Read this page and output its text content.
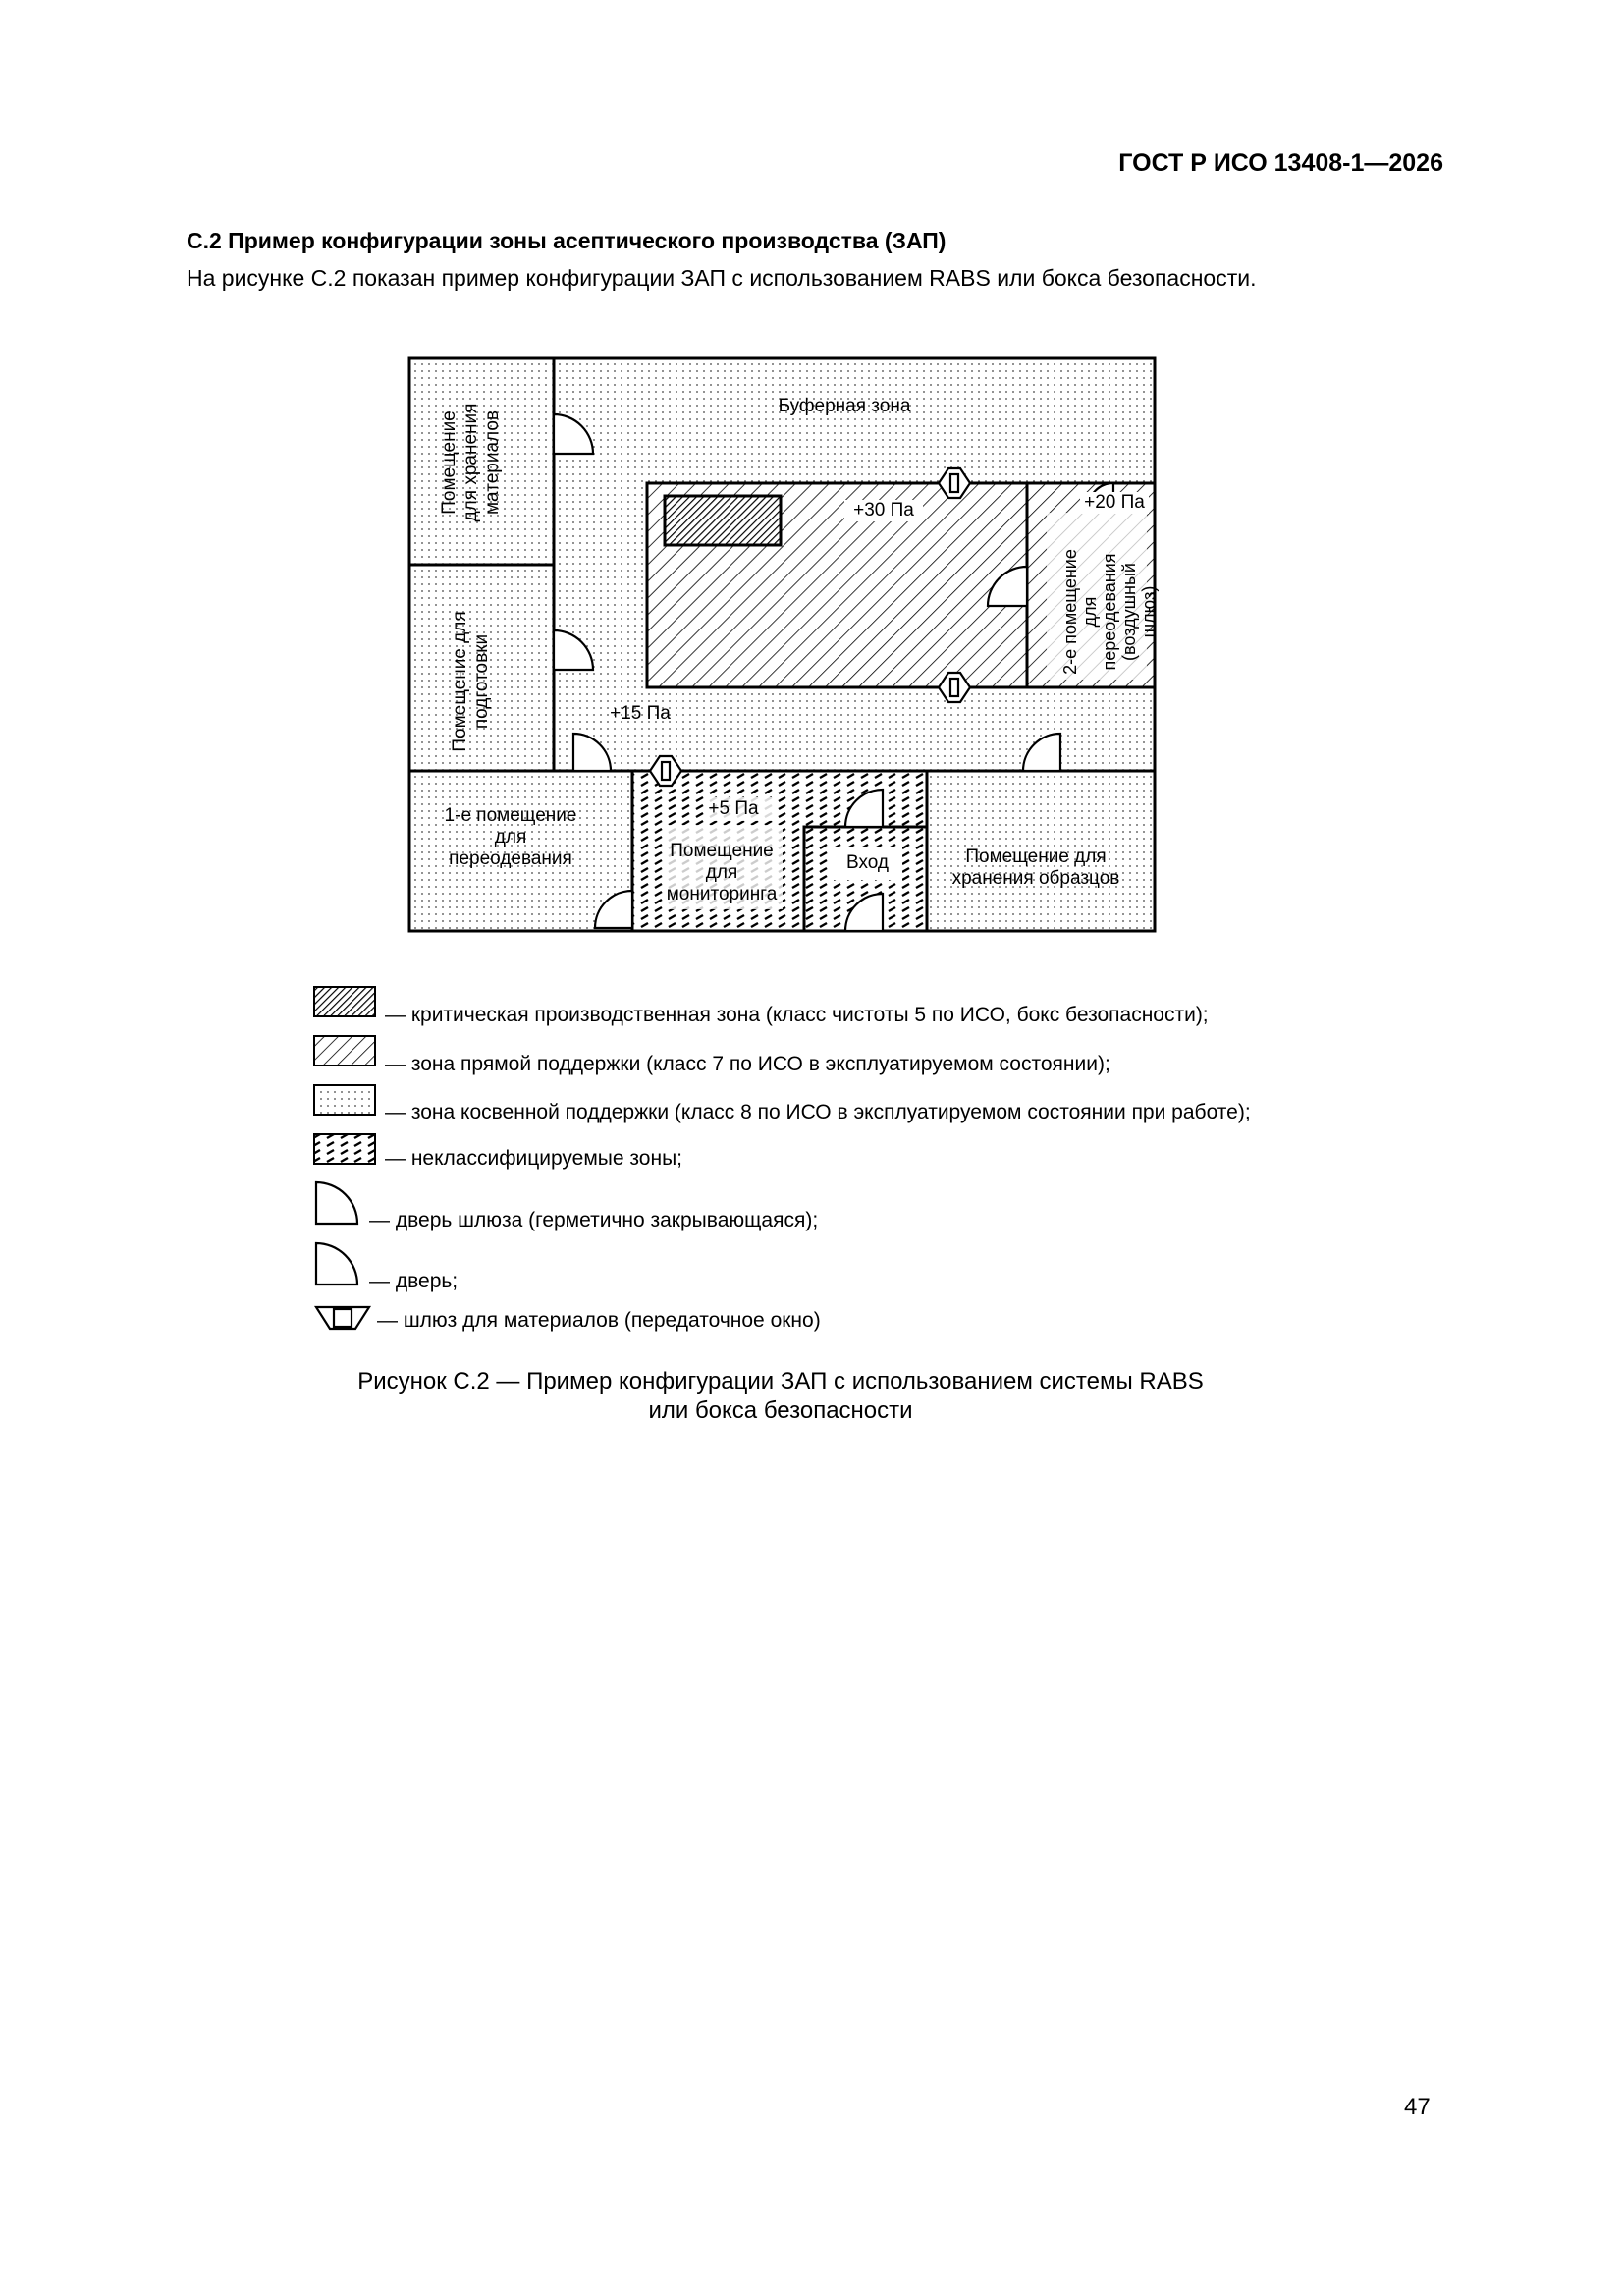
ГОСТ Р ИСО 13408-1—2026
С.2 Пример конфигурации зоны асептического производства (ЗАП)
На рисунке С.2 показан пример конфигурации ЗАП с использованием RABS или бокса безопасности.
Помещение для хранения материалов
Помещение для подготовки
Буферная зона
+30 Па	+20 Па
2-е помещение для переодевания (воздушный шлюз)
+15 Па
1-е помещение
для
переодевания
+5 Па
Помещение
для
мониторинга
Вход	Помещение для
хранения образцов
— критическая производственная зона (класс чистоты 5 по ИСО, бокс безопасности);
— зона прямой поддержки (класс 7 по ИСО в эксплуатируемом состоянии);
— зона косвенной поддержки (класс 8 по ИСО в эксплуатируемом состоянии при работе);
— неклассифицируемые зоны;
— дверь шлюза (герметично закрывающаяся);
— дверь;
— шлюз для материалов (передаточное окно)
Рисунок С.2 — Пример конфигурации ЗАП с использованием системы RABS
или бокса безопасности
47
